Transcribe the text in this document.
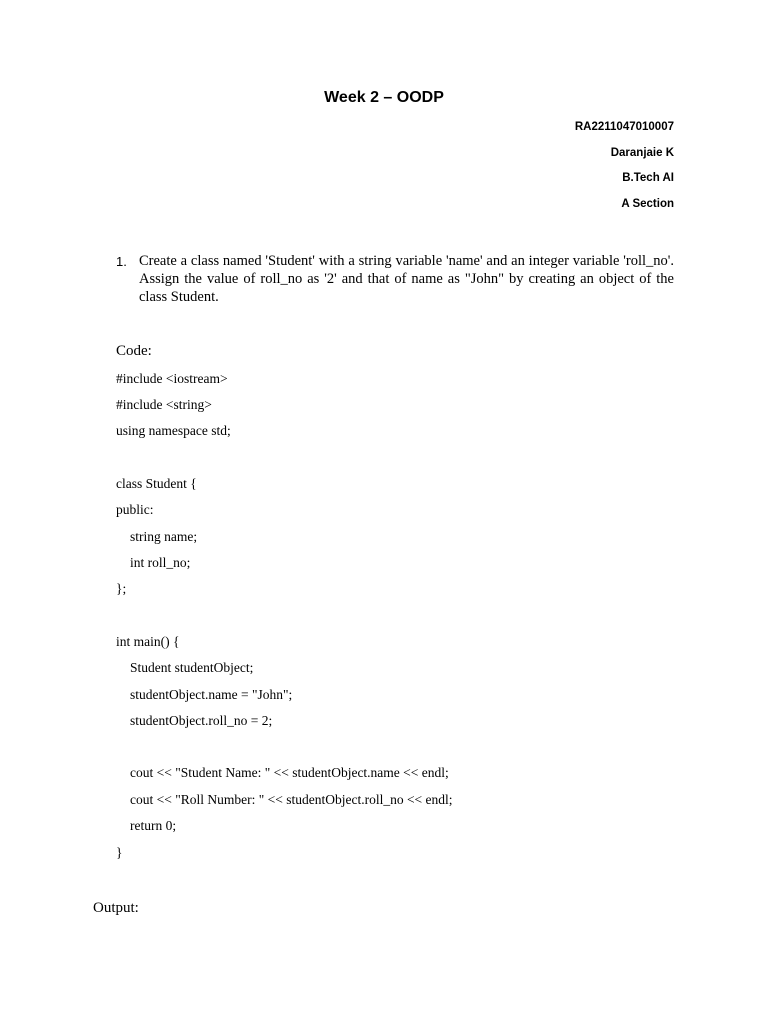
Week 2 – OODP
RA2211047010007
Daranjaie K
B.Tech AI
A Section
1. Create a class named 'Student' with a string variable 'name' and an integer variable 'roll_no'. Assign the value of roll_no as '2' and that of name as "John" by creating an object of the class Student.
Code:
#include <iostream>
#include <string>
using namespace std;
class Student {
public:
string name;
int roll_no;
};
int main() {
Student studentObject;
studentObject.name = "John";
studentObject.roll_no = 2;
cout << "Student Name: " << studentObject.name << endl;
cout << "Roll Number: " << studentObject.roll_no << endl;
return 0;
}
Output:
